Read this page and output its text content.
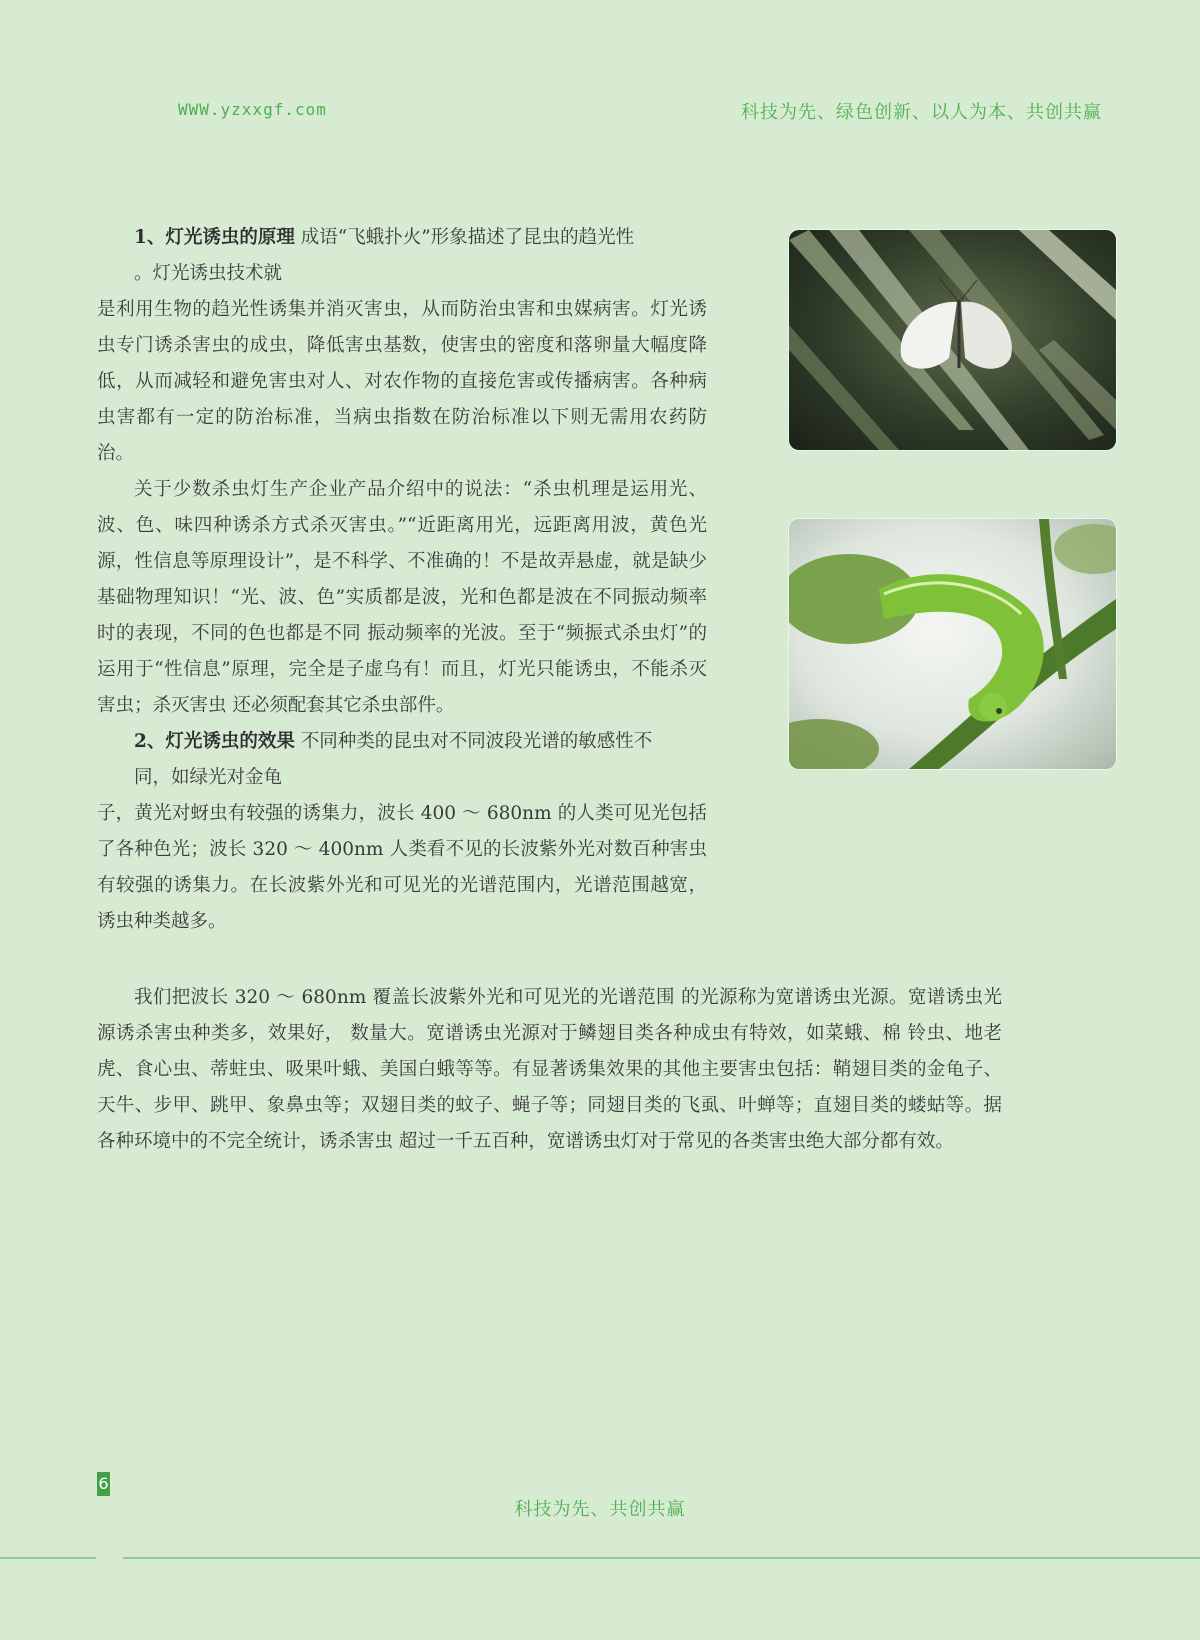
WWW.yzxxgf.com	科技为先、绿色创新、以人为本、共创共赢

1、灯光诱虫的原理 成语“飞蛾扑火”形象描述了昆虫的趋光性

。灯光诱虫技术就

是利用生物的趋光性诱集并消灭害虫，从而防治虫害和虫媒病害。灯光诱虫专门诱杀害虫的成虫，降低害虫基数，使害虫的密度和落卵量大幅度降低，从而减轻和避免害虫对人、对农作物的直接危害或传播病害。各种病虫害都有一定的防治标准，当病虫指数在防治标准以下则无需用农药防治。

关于少数杀虫灯生产企业产品介绍中的说法：“杀虫机理是运用光、波、色、味四种诱杀方式杀灭害虫。”“近距离用光，远距离用波，黄色光源，性信息等原理设计”，是不科学、不准确的！不是故弄悬虚，就是缺少基础物理知识！“光、波、色”实质都是波，光和色都是波在不同振动频率时的表现，不同的色也都是不同 振动频率的光波。至于“频振式杀虫灯”的运用于“性信息”原理，完全是子虚乌有！而且，灯光只能诱虫，不能杀灭害虫；杀灭害虫 还必须配套其它杀虫部件。

2、灯光诱虫的效果 不同种类的昆虫对不同波段光谱的敏感性不

同，如绿光对金龟

子，黄光对蚜虫有较强的诱集力，波长 400 ～ 680nm 的人类可见光包括了各种色光；波长 320 ～ 400nm 人类看不见的长波紫外光对数百种害虫有较强的诱集力。在长波紫外光和可见光的光谱范围内，光谱范围越宽，诱虫种类越多。

我们把波长 320 ～ 680nm 覆盖长波紫外光和可见光的光谱范围 的光源称为宽谱诱虫光源。宽谱诱虫光源诱杀害虫种类多，效果好， 数量大。宽谱诱虫光源对于鳞翅目类各种成虫有特效，如菜蛾、棉 铃虫、地老虎、食心虫、蒂蛀虫、吸果叶蛾、美国白蛾等等。有显著诱集效果的其他主要害虫包括：鞘翅目类的金龟子、天牛、步甲、跳甲、象鼻虫等；双翅目类的蚊子、蝇子等；同翅目类的飞虱、叶蝉等；直翅目类的蝼蛄等。据各种环境中的不完全统计，诱杀害虫 超过一千五百种，宽谱诱虫灯对于常见的各类害虫绝大部分都有效。

6
科技为先、共创共赢
